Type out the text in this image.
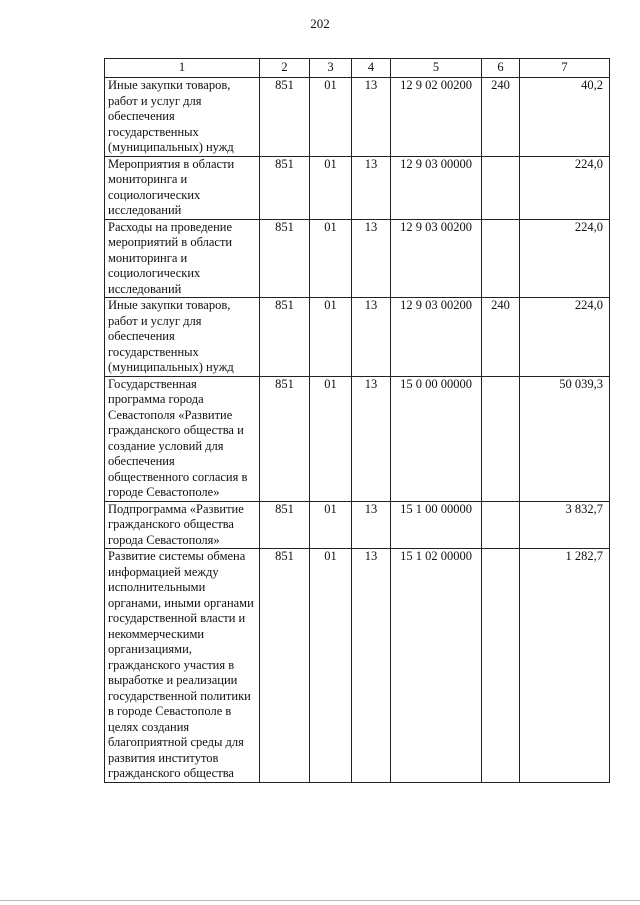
202
1	2	3	4	5	6	7
Иные закупки товаров, работ и услуг для обеспечения государственных (муниципальных) нужд	851	01	13	12 9 02 00200	240	40,2
Мероприятия в области мониторинга и социологических исследований	851	01	13	12 9 03 00000		224,0
Расходы на проведение мероприятий в области мониторинга и социологических исследований	851	01	13	12 9 03 00200		224,0
Иные закупки товаров, работ и услуг для обеспечения государственных (муниципальных) нужд	851	01	13	12 9 03 00200	240	224,0
Государственная программа города Севастополя «Развитие гражданского общества и создание условий для обеспечения общественного согласия в городе Севастополе»	851	01	13	15 0 00 00000		50 039,3
Подпрограмма «Развитие гражданского общества города Севастополя»	851	01	13	15 1 00 00000		3 832,7
Развитие системы обмена информацией между исполнительными органами, иными органами государственной власти и некоммерческими организациями, гражданского участия в выработке и реализации государственной политики в городе Севастополе в целях создания благоприятной среды для развития институтов гражданского общества	851	01	13	15 1 02 00000		1 282,7
